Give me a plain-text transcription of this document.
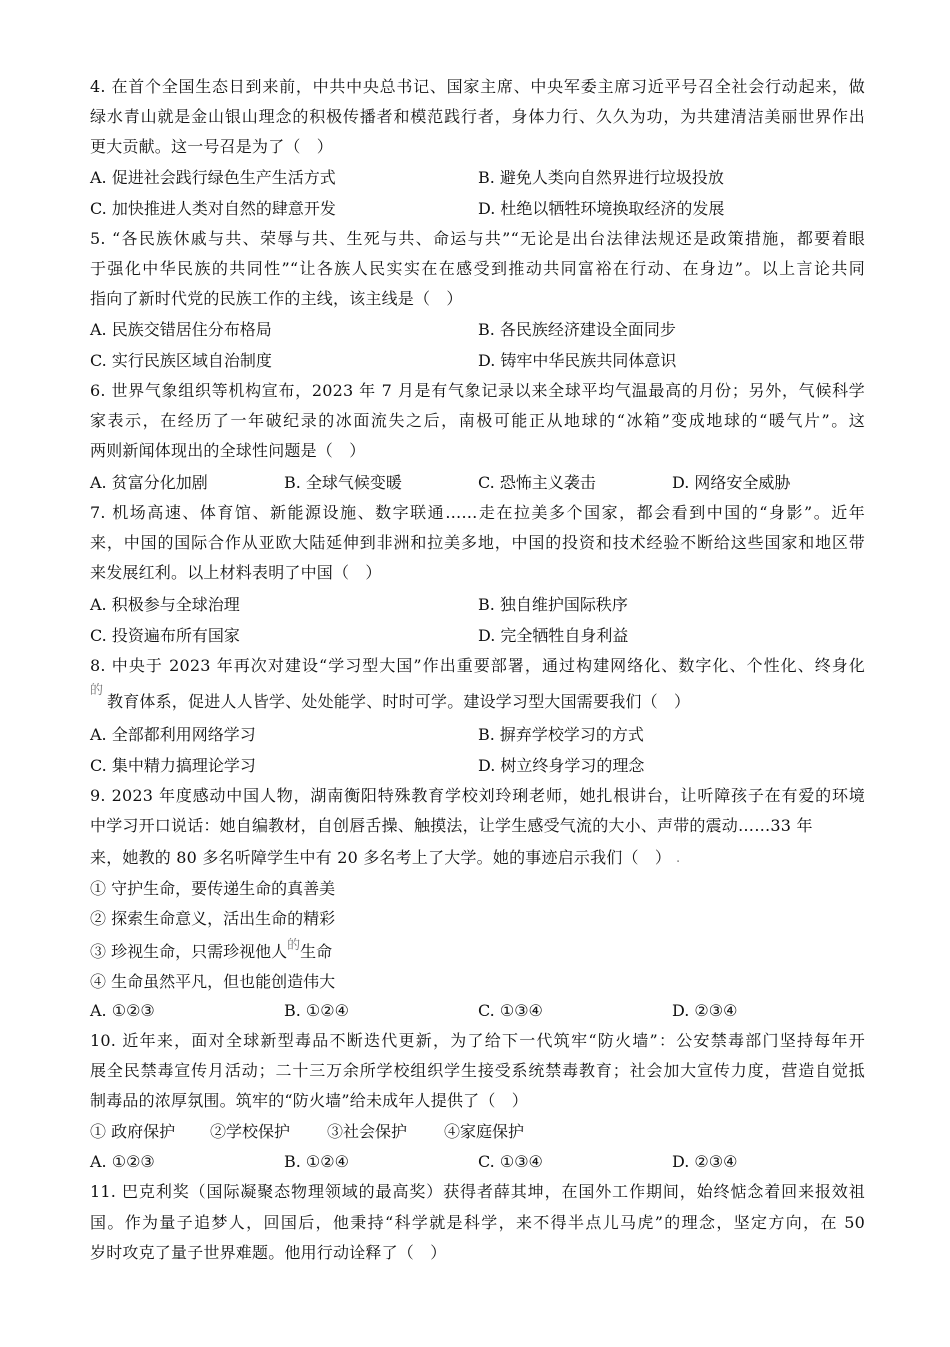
4. 在首个全国生态日到来前，中共中央总书记、国家主席、中央军委主席习近平号召全社会行动起来，做
绿水青山就是金山银山理念的积极传播者和模范践行者，身体力行、久久为功，为共建清洁美丽世界作出
更大贡献。这一号召是为了（　）
A. 促进社会践行绿色生产生活方式	B. 避免人类向自然界进行垃圾投放
C. 加快推进人类对自然的肆意开发	D. 杜绝以牺牲环境换取经济的发展
5. “各民族休戚与共、荣辱与共、生死与共、命运与共”“无论是出台法律法规还是政策措施，都要着眼
于强化中华民族的共同性”“让各族人民实实在在感受到推动共同富裕在行动、在身边”。以上言论共同
指向了新时代党的民族工作的主线，该主线是（　）
A. 民族交错居住分布格局	B. 各民族经济建设全面同步
C. 实行民族区域自治制度	D. 铸牢中华民族共同体意识
6. 世界气象组织等机构宣布，2023 年 7 月是有气象记录以来全球平均气温最高的月份；另外，气候科学
家表示，在经历了一年破纪录的冰面流失之后，南极可能正从地球的“冰箱”变成地球的“暖气片”。这
两则新闻体现出的全球性问题是（　）
A. 贫富分化加剧	B. 全球气候变暖	C. 恐怖主义袭击	D. 网络安全威胁
7. 机场高速、体育馆、新能源设施、数字联通……走在拉美多个国家，都会看到中国的“身影”。近年
来，中国的国际合作从亚欧大陆延伸到非洲和拉美多地，中国的投资和技术经验不断给这些国家和地区带
来发展红利。以上材料表明了中国（　）
A. 积极参与全球治理	B. 独自维护国际秩序
C. 投资遍布所有国家	D. 完全牺牲自身利益
8. 中央于 2023 年再次对建设“学习型大国”作出重要部署，通过构建网络化、数字化、个性化、终身化
的
教育体系，促进人人皆学、处处能学、时时可学。建设学习型大国需要我们（　）
A. 全部都利用网络学习	B. 摒弃学校学习的方式
C. 集中精力搞理论学习	D. 树立终身学习的理念
9. 2023 年度感动中国人物，湖南衡阳特殊教育学校刘玲琍老师，她扎根讲台，让听障孩子在有爱的环境
中学习开口说话：她自编教材，自创唇舌操、触摸法，让学生感受气流的大小、声带的震动……33 年
来，她教的 80 多名听障学生中有 20 多名考上了大学。她的事迹启示我们（　） .
① 守护生命，要传递生命的真善美
② 探索生命意义，活出生命的精彩
③ 珍视生命，只需珍视他人$^的$生命
④ 生命虽然平凡，但也能创造伟大
A. ①②③	B. ①②④	C. ①③④	D. ②③④
10. 近年来，面对全球新型毒品不断迭代更新，为了给下一代筑牢“防火墙”：公安禁毒部门坚持每年开
展全民禁毒宣传月活动；二十三万余所学校组织学生接受系统禁毒教育；社会加大宣传力度，营造自觉抵
制毒品的浓厚氛围。筑牢的“防火墙”给未成年人提供了（　）
① 政府保护 ②学校保护 ③社会保护 ④家庭保护
A. ①②③	B. ①②④	C. ①③④	D. ②③④
11. 巴克利奖（国际凝聚态物理领域的最高奖）获得者薛其坤，在国外工作期间，始终惦念着回来报效祖
国。作为量子追梦人，回国后，他秉持“科学就是科学，来不得半点儿马虎”的理念，坚定方向，在 50
岁时攻克了量子世界难题。他用行动诠释了（　）
